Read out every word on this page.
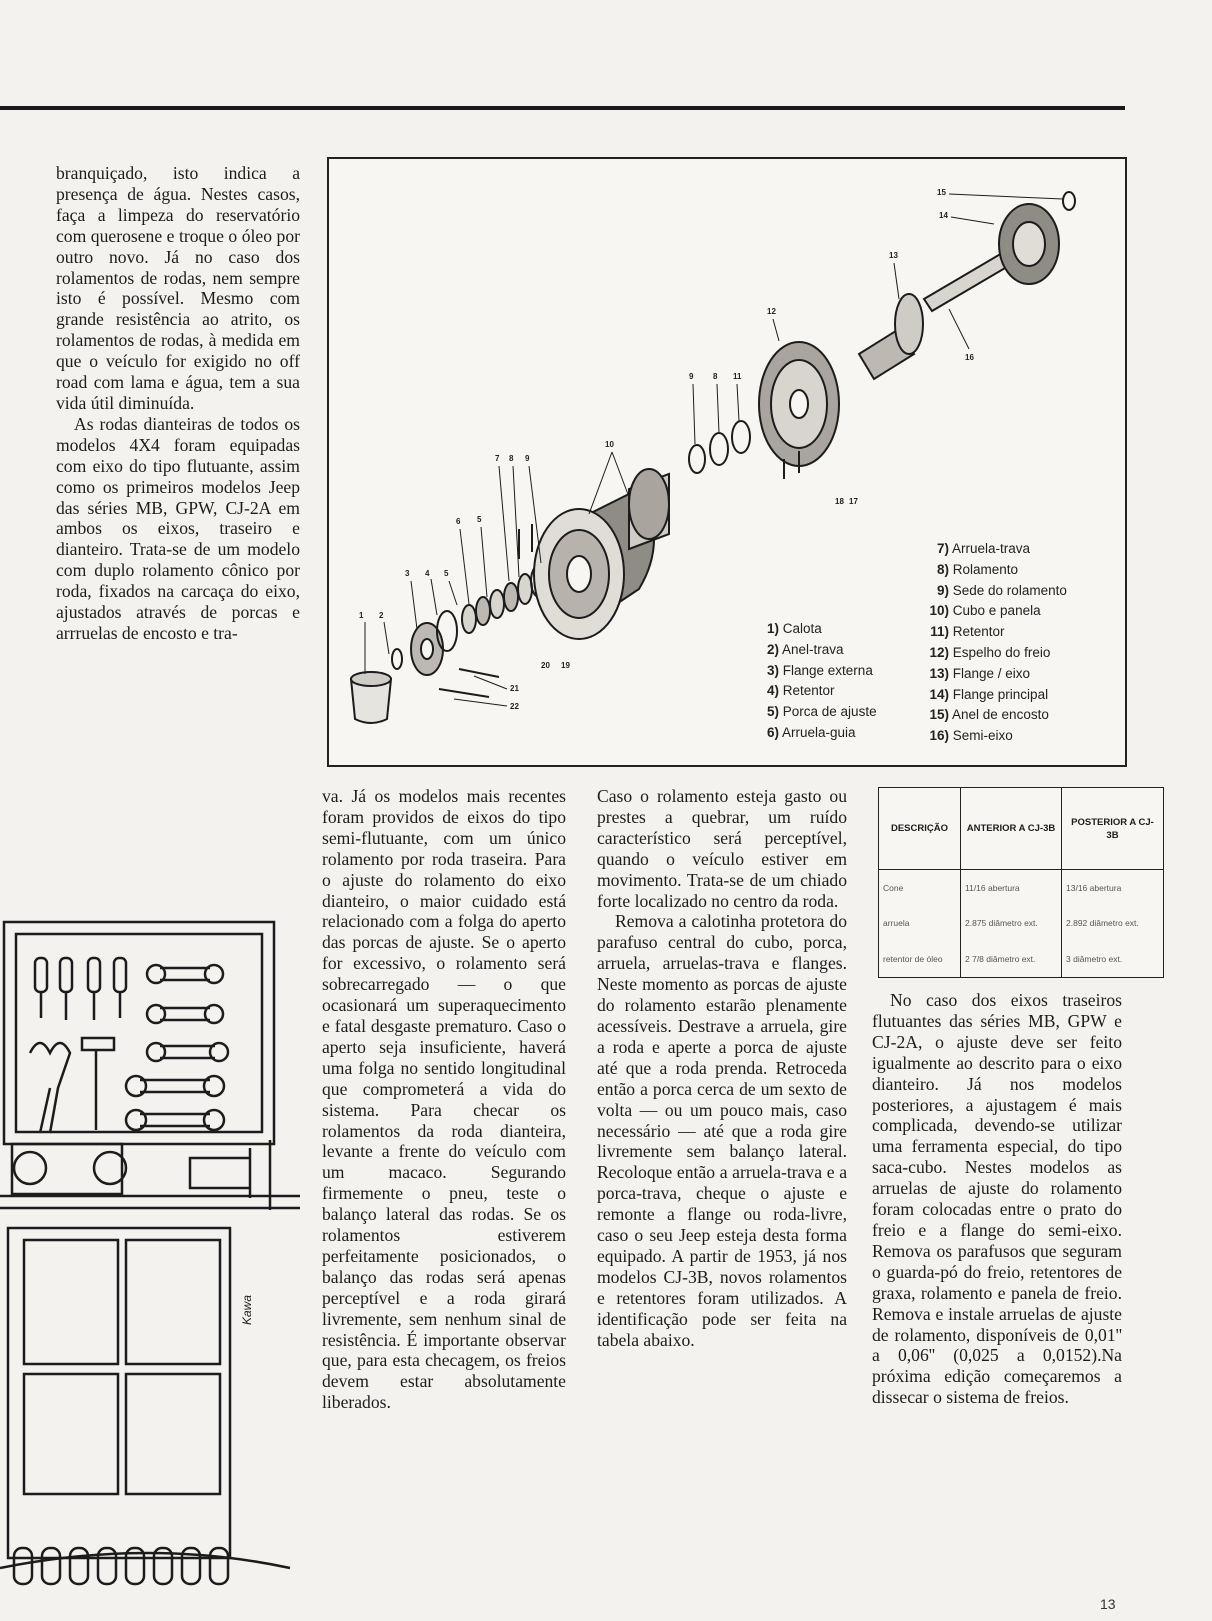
branquiçado, isto indica a presença de água. Nestes casos, faça a limpeza do reservatório com querosene e troque o óleo por outro novo. Já no caso dos rolamentos de rodas, nem sempre isto é possível. Mesmo com grande resistência ao atrito, os rolamentos de rodas, à medida em que o veículo for exigido no off road com lama e água, tem a sua vida útil diminuída.

As rodas dianteiras de todos os modelos 4X4 foram equipadas com eixo do tipo flutuante, assim como os primeiros modelos Jeep das séries MB, GPW, CJ-2A em ambos os eixos, traseiro e dianteiro. Trata-se de um modelo com duplo rolamento cônico por roda, fixados na carcaça do eixo, ajustados através de porcas e arrruelas de encosto e tra-

1 2
3 4 5
6 5
7 8 9
10
9 8 11
12
13
14
15
16
17
18
19
20
21
22
1) Calota
2) Anel-trava
3) Flange externa
4) Retentor
5) Porca de ajuste
6) Arruela-guia
7) Arruela-trava
8) Rolamento
9) Sede do rolamento
10) Cubo e panela
11) Retentor
12) Espelho do freio
13) Flange / eixo
14) Flange principal
15) Anel de encosto
16) Semi-eixo

va. Já os modelos mais recentes foram providos de eixos do tipo semi-flutuante, com um único rolamento por roda traseira. Para o ajuste do rolamento do eixo dianteiro, o maior cuidado está relacionado com a folga do aperto das porcas de ajuste. Se o aperto for excessivo, o rolamento será sobrecarregado — o que ocasionará um superaquecimento e fatal desgaste prematuro. Caso o aperto seja insuficiente, haverá uma folga no sentido longitudinal que comprometerá a vida do sistema. Para checar os rolamentos da roda dianteira, levante a frente do veículo com um macaco. Segurando firmemente o pneu, teste o balanço lateral das rodas. Se os rolamentos estiverem perfeitamente posicionados, o balanço das rodas será apenas perceptível e a roda girará livremente, sem nenhum sinal de resistência. É importante observar que, para esta checagem, os freios devem estar absolutamente liberados.

Caso o rolamento esteja gasto ou prestes a quebrar, um ruído característico será perceptível, quando o veículo estiver em movimento. Trata-se de um chiado forte localizado no centro da roda.

Remova a calotinha protetora do parafuso central do cubo, porca, arruela, arruelas-trava e flanges. Neste momento as porcas de ajuste do rolamento estarão plenamente acessíveis. Destrave a arruela, gire a roda e aperte a porca de ajuste até que a roda prenda. Retroceda então a porca cerca de um sexto de volta — ou um pouco mais, caso necessário — até que a roda gire livremente sem balanço lateral. Recoloque então a arruela-trava e a porca-trava, cheque o ajuste e remonte a flange ou roda-livre, caso o seu Jeep esteja desta forma equipado. A partir de 1953, já nos modelos CJ-3B, novos rolamentos e retentores foram utilizados. A identificação pode ser feita na tabela abaixo.

DESCRIÇÃO	ANTERIOR A CJ-3B	POSTERIOR A CJ-3B
Cone	11/16 abertura	13/16 abertura
arruela	2.875 diâmetro ext.	2.892 diâmetro ext.
retentor de óleo	2 7/8 diâmetro ext.	3 diâmetro ext.

No caso dos eixos traseiros flutuantes das séries MB, GPW e CJ-2A, o ajuste deve ser feito igualmente ao descrito para o eixo dianteiro. Já nos modelos posteriores, a ajustagem é mais complicada, devendo-se utilizar uma ferramenta especial, do tipo saca-cubo. Nestes modelos as arruelas de ajuste do rolamento foram colocadas entre o prato do freio e a flange do semi-eixo. Remova os parafusos que seguram o guarda-pó do freio, retentores de graxa, rolamento e panela de freio. Remova e instale arruelas de ajuste de rolamento, disponíveis de 0,01'' a 0,06'' (0,025 a 0,0152).Na próxima edição começaremos a dissecar o sistema de freios.

Kawa
13
